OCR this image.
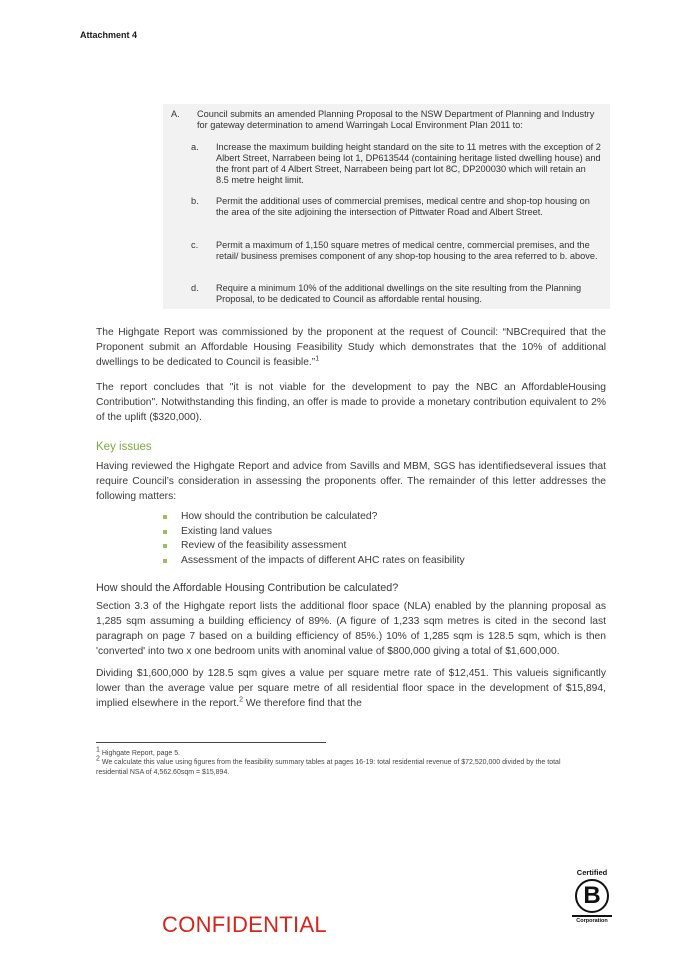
Attachment 4
A. Council submits an amended Planning Proposal to the NSW Department of Planning and Industry for gateway determination to amend Warringah Local Environment Plan 2011 to:
a. Increase the maximum building height standard on the site to 11 metres with the exception of 2 Albert Street, Narrabeen being lot 1, DP613544 (containing heritage listed dwelling house) and the front part of 4 Albert Street, Narrabeen being part lot 8C, DP200030 which will retain an 8.5 metre height limit.
b. Permit the additional uses of commercial premises, medical centre and shop-top housing on the area of the site adjoining the intersection of Pittwater Road and Albert Street.
c. Permit a maximum of 1,150 square metres of medical centre, commercial premises, and the retail/ business premises component of any shop-top housing to the area referred to b. above.
d. Require a minimum 10% of the additional dwellings on the site resulting from the Planning Proposal, to be dedicated to Council as affordable rental housing.
The Highgate Report was commissioned by the proponent at the request of Council: “NBCrequired that the Proponent submit an Affordable Housing Feasibility Study which demonstrates that the 10% of additional dwellings to be dedicated to Council is feasible.”$^1$
The report concludes that "it is not viable for the development to pay the NBC an AffordableHousing Contribution". Notwithstanding this finding, an offer is made to provide a monetary contribution equivalent to 2% of the uplift ($320,000).
Key issues
Having reviewed the Highgate Report and advice from Savills and MBM, SGS has identifiedseveral issues that require Council’s consideration in assessing the proponents offer. The remainder of this letter addresses the following matters:
How should the contribution be calculated?
Existing land values
Review of the feasibility assessment
Assessment of the impacts of different AHC rates on feasibility
How should the Affordable Housing Contribution be calculated?
Section 3.3 of the Highgate report lists the additional floor space (NLA) enabled by the planning proposal as 1,285 sqm assuming a building efficiency of 89%. (A figure of 1,233 sqm metres is cited in the second last paragraph on page 7 based on a building efficiency of 85%.) 10% of 1,285 sqm is 128.5 sqm, which is then 'converted' into two x one bedroom units with anominal value of $800,000 giving a total of $1,600,000.
Dividing $1,600,000 by 128.5 sqm gives a value per square metre rate of $12,451. This valueis significantly lower than the average value per square metre of all residential floor space in the development of $15,894, implied elsewhere in the report.$^2$ We therefore find that the
1 Highgate Report, page 5.
2 We calculate this value using figures from the feasibility summary tables at pages 16-19: total residential revenue of $72,520,000 divided by the total residential NSA of 4,562.60sqm = $15,894.
CONFIDENTIAL
Certified
B
Corporation
